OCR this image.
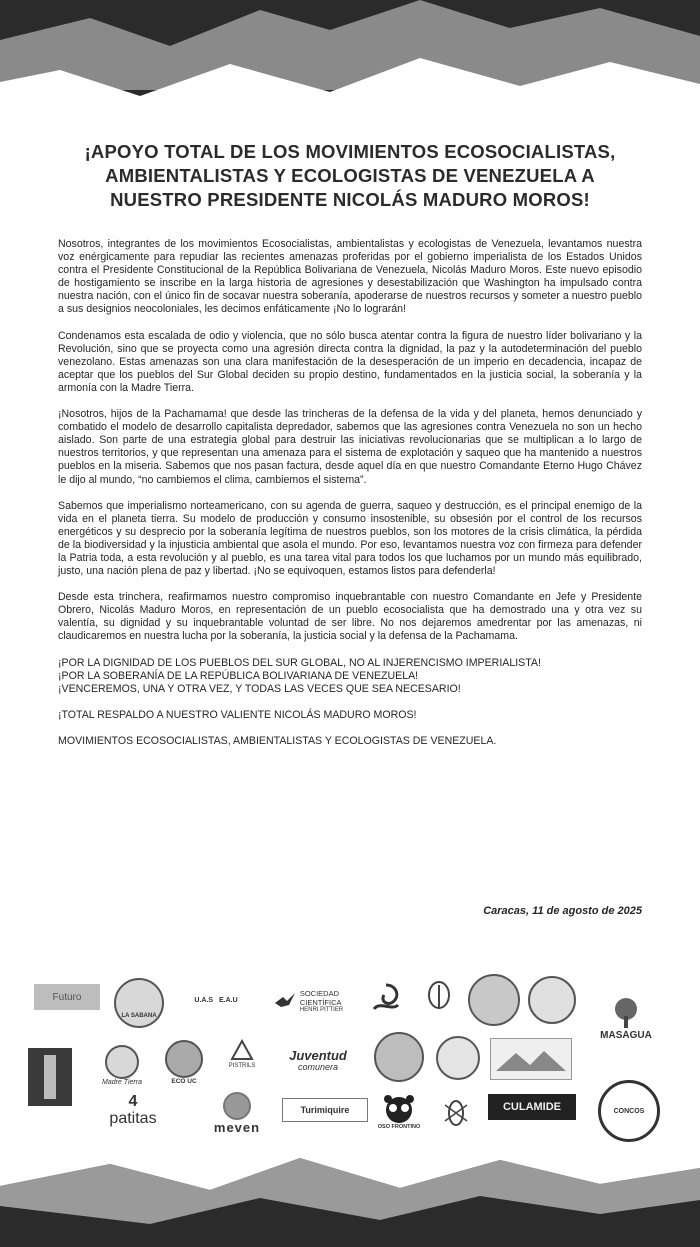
¡APOYO TOTAL DE LOS MOVIMIENTOS ECOSOCIALISTAS,
AMBIENTALISTAS Y ECOLOGISTAS DE VENEZUELA A
NUESTRO PRESIDENTE NICOLÁS MADURO MOROS!

Nosotros, integrantes de los movimientos Ecosocialistas, ambientalistas y ecologistas de Venezuela, levantamos nuestra voz enérgicamente para repudiar las recientes amenazas proferidas por el gobierno imperialista de los Estados Unidos contra el Presidente Constitucional de la República Bolivariana de Venezuela, Nicolás Maduro Moros. Este nuevo episodio de hostigamiento se inscribe en la larga historia de agresiones y desestabilización que Washington ha impulsado contra nuestra nación, con el único fin de socavar nuestra soberanía, apoderarse de nuestros recursos y someter a nuestro pueblo a sus designios neocoloniales, les decimos enfáticamente ¡No lo lograrán!

Condenamos esta escalada de odio y violencia, que no sólo busca atentar contra la figura de nuestro líder bolivariano y la Revolución, sino que se proyecta como una agresión directa contra la dignidad, la paz y la autodeterminación del pueblo venezolano. Estas amenazas son una clara manifestación de la desesperación de un imperio en decadencia, incapaz de aceptar que los pueblos del Sur Global deciden su propio destino, fundamentados en la justicia social, la soberanía y la armonía con la Madre Tierra.

¡Nosotros, hijos de la Pachamama! que desde las trincheras de la defensa de la vida y del planeta, hemos denunciado y combatido el modelo de desarrollo capitalista depredador, sabemos que las agresiones contra Venezuela no son un hecho aislado. Son parte de una estrategia global para destruir las iniciativas revolucionarias que se multiplican a lo largo de nuestros territorios, y que representan una amenaza para el sistema de explotación y saqueo que ha mantenido a nuestros pueblos en la miseria. Sabemos que nos pasan factura, desde aquel día en que nuestro Comandante Eterno Hugo Chávez le dijo al mundo, “no cambiemos el clima, cambiemos el sistema”.

Sabemos que imperialismo norteamericano, con su agenda de guerra, saqueo y destrucción, es el principal enemigo de la vida en el planeta tierra. Su modelo de producción y consumo insostenible, su obsesión por el control de los recursos energéticos y su desprecio por la soberanía legítima de nuestros pueblos, son los motores de la crisis climática, la pérdida de la biodiversidad y la injusticia ambiental que asola el mundo. Por eso, levantamos nuestra voz con firmeza para defender la Patria toda, a esta revolución y al pueblo, es una tarea vital para todos los que luchamos por un mundo más equilibrado, justo, una nación plena de paz y libertad. ¡No se equivoquen, estamos listos para defenderla!

Desde esta trinchera, reafirmamos nuestro compromiso inquebrantable con nuestro Comandante en Jefe y Presidente Obrero, Nicolás Maduro Moros, en representación de un pueblo ecosocialista que ha demostrado una y otra vez su valentía, su dignidad y su inquebrantable voluntad de ser libre. No nos dejaremos amedrentar por las amenazas, ni claudicaremos en nuestra lucha por la soberanía, la justicia social y la defensa de la Pachamama.

¡POR LA DIGNIDAD DE LOS PUEBLOS DEL SUR GLOBAL, NO AL INJERENCISMO IMPERIALISTA!
¡POR LA SOBERANÍA DE LA REPÚBLICA BOLIVARIANA DE VENEZUELA!
¡VENCEREMOS, UNA Y OTRA VEZ, Y TODAS LAS VECES QUE SEA NECESARIO!

¡TOTAL RESPALDO A NUESTRO VALIENTE NICOLÁS MADURO MOROS!

MOVIMIENTOS ECOSOCIALISTAS, AMBIENTALISTAS Y ECOLOGISTAS DE VENEZUELA.

Caracas, 11 de agosto de 2025
Futuro
LA SABANA
U.A.S E.A.U
SOCIEDAD
CIENTÍFICA
HENRI PITTIER
MASAGUA
Madre Tierra	ECO UC
PISTRILS
Juventud
comunera
4
patitas	meven
Turimiquire
OSO FRONTINO
CULAMIDE	CONCOS
